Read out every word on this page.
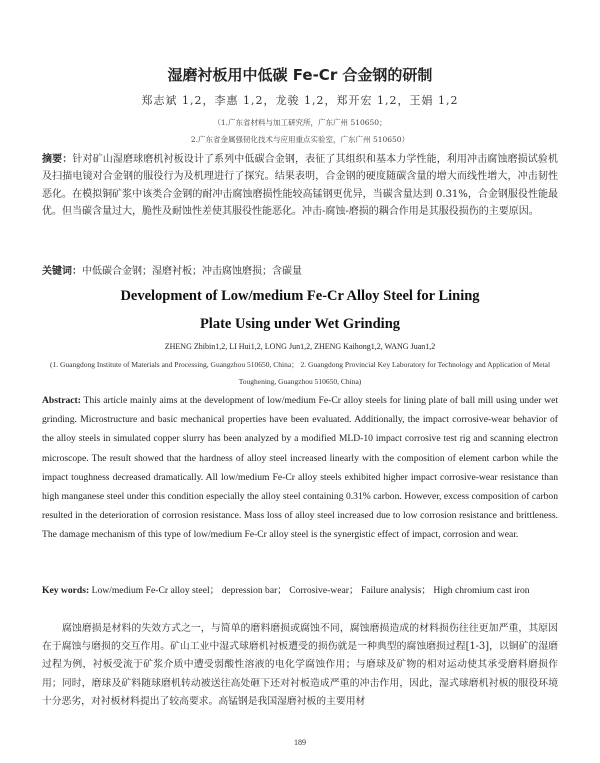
湿磨衬板用中低碳 Fe-Cr 合金钢的研制
郑志斌 1,2，李惠 1,2，龙骏 1,2，郑开宏 1,2，王娟 1,2
（1.广东省材料与加工研究所，广东广州 510650；
2.广东省金属强韧化技术与应用重点实验室，广东广州 510650）
摘要：针对矿山湿磨球磨机衬板设计了系列中低碳合金钢，表征了其组织和基本力学性能，利用冲击腐蚀磨损试验机及扫描电镜对合金钢的服役行为及机理进行了探究。结果表明，合金钢的硬度随碳含量的增大而线性增大，冲击韧性恶化。在模拟铜矿浆中该类合金钢的耐冲击腐蚀磨损性能较高锰钢更优异，当碳含量达到 0.31%，合金钢服役性能最优。但当碳含量过大，脆性及耐蚀性差使其服役性能恶化。冲击-腐蚀-磨损的耦合作用是其服役损伤的主要原因。
关键词：中低碳合金钢；湿磨衬板；冲击腐蚀磨损；含碳量
Development of Low/medium Fe-Cr Alloy Steel for Lining
Plate Using under Wet Grinding
ZHENG Zhibin1,2, LI Hui1,2, LONG Jun1,2, ZHENG Kaihong1,2, WANG Juan1,2
(1. Guangdong Institute of Materials and Processing, Guangzhou 510650, China； 2. Guangdong Provincial Key Laboratory for Technology and Application of Metal Toughening, Guangzhou 510650, China)
Abstract: This article mainly aims at the development of low/medium Fe-Cr alloy steels for lining plate of ball mill using under wet grinding. Microstructure and basic mechanical properties have been evaluated. Additionally, the impact corrosive-wear behavior of the alloy steels in simulated copper slurry has been analyzed by a modified MLD-10 impact corrosive test rig and scanning electron microscope. The result showed that the hardness of alloy steel increased linearly with the composition of element carbon while the impact toughness decreased dramatically. All low/medium Fe-Cr alloy steels exhibited higher impact corrosive-wear resistance than high manganese steel under this condition especially the alloy steel containing 0.31% carbon. However, excess composition of carbon resulted in the deterioration of corrosion resistance. Mass loss of alloy steel increased due to low corrosion resistance and brittleness. The damage mechanism of this type of low/medium Fe-Cr alloy steel is the synergistic effect of impact, corrosion and wear.
Key words: Low/medium Fe-Cr alloy steel； depression bar； Corrosive-wear； Failure analysis； High chromium cast iron
腐蚀磨损是材料的失效方式之一，与简单的磨料磨损或腐蚀不同，腐蚀磨损造成的材料损伤往往更加严重，其原因在于腐蚀与磨损的交互作用。矿山工业中湿式球磨机衬板遭受的损伤就是一种典型的腐蚀磨损过程[1-3]，以铜矿的湿磨过程为例，衬板受流于矿浆介质中遭受弱酸性溶液的电化学腐蚀作用；与磨球及矿物的相对运动使其承受磨料磨损作用；同时，磨球及矿料随球磨机转动被送往高处砸下还对衬板造成严重的冲击作用，因此，湿式球磨机衬板的服役环境十分恶劣，对衬板材料提出了较高要求。高锰钢是我国湿磨衬板的主要用材
189
